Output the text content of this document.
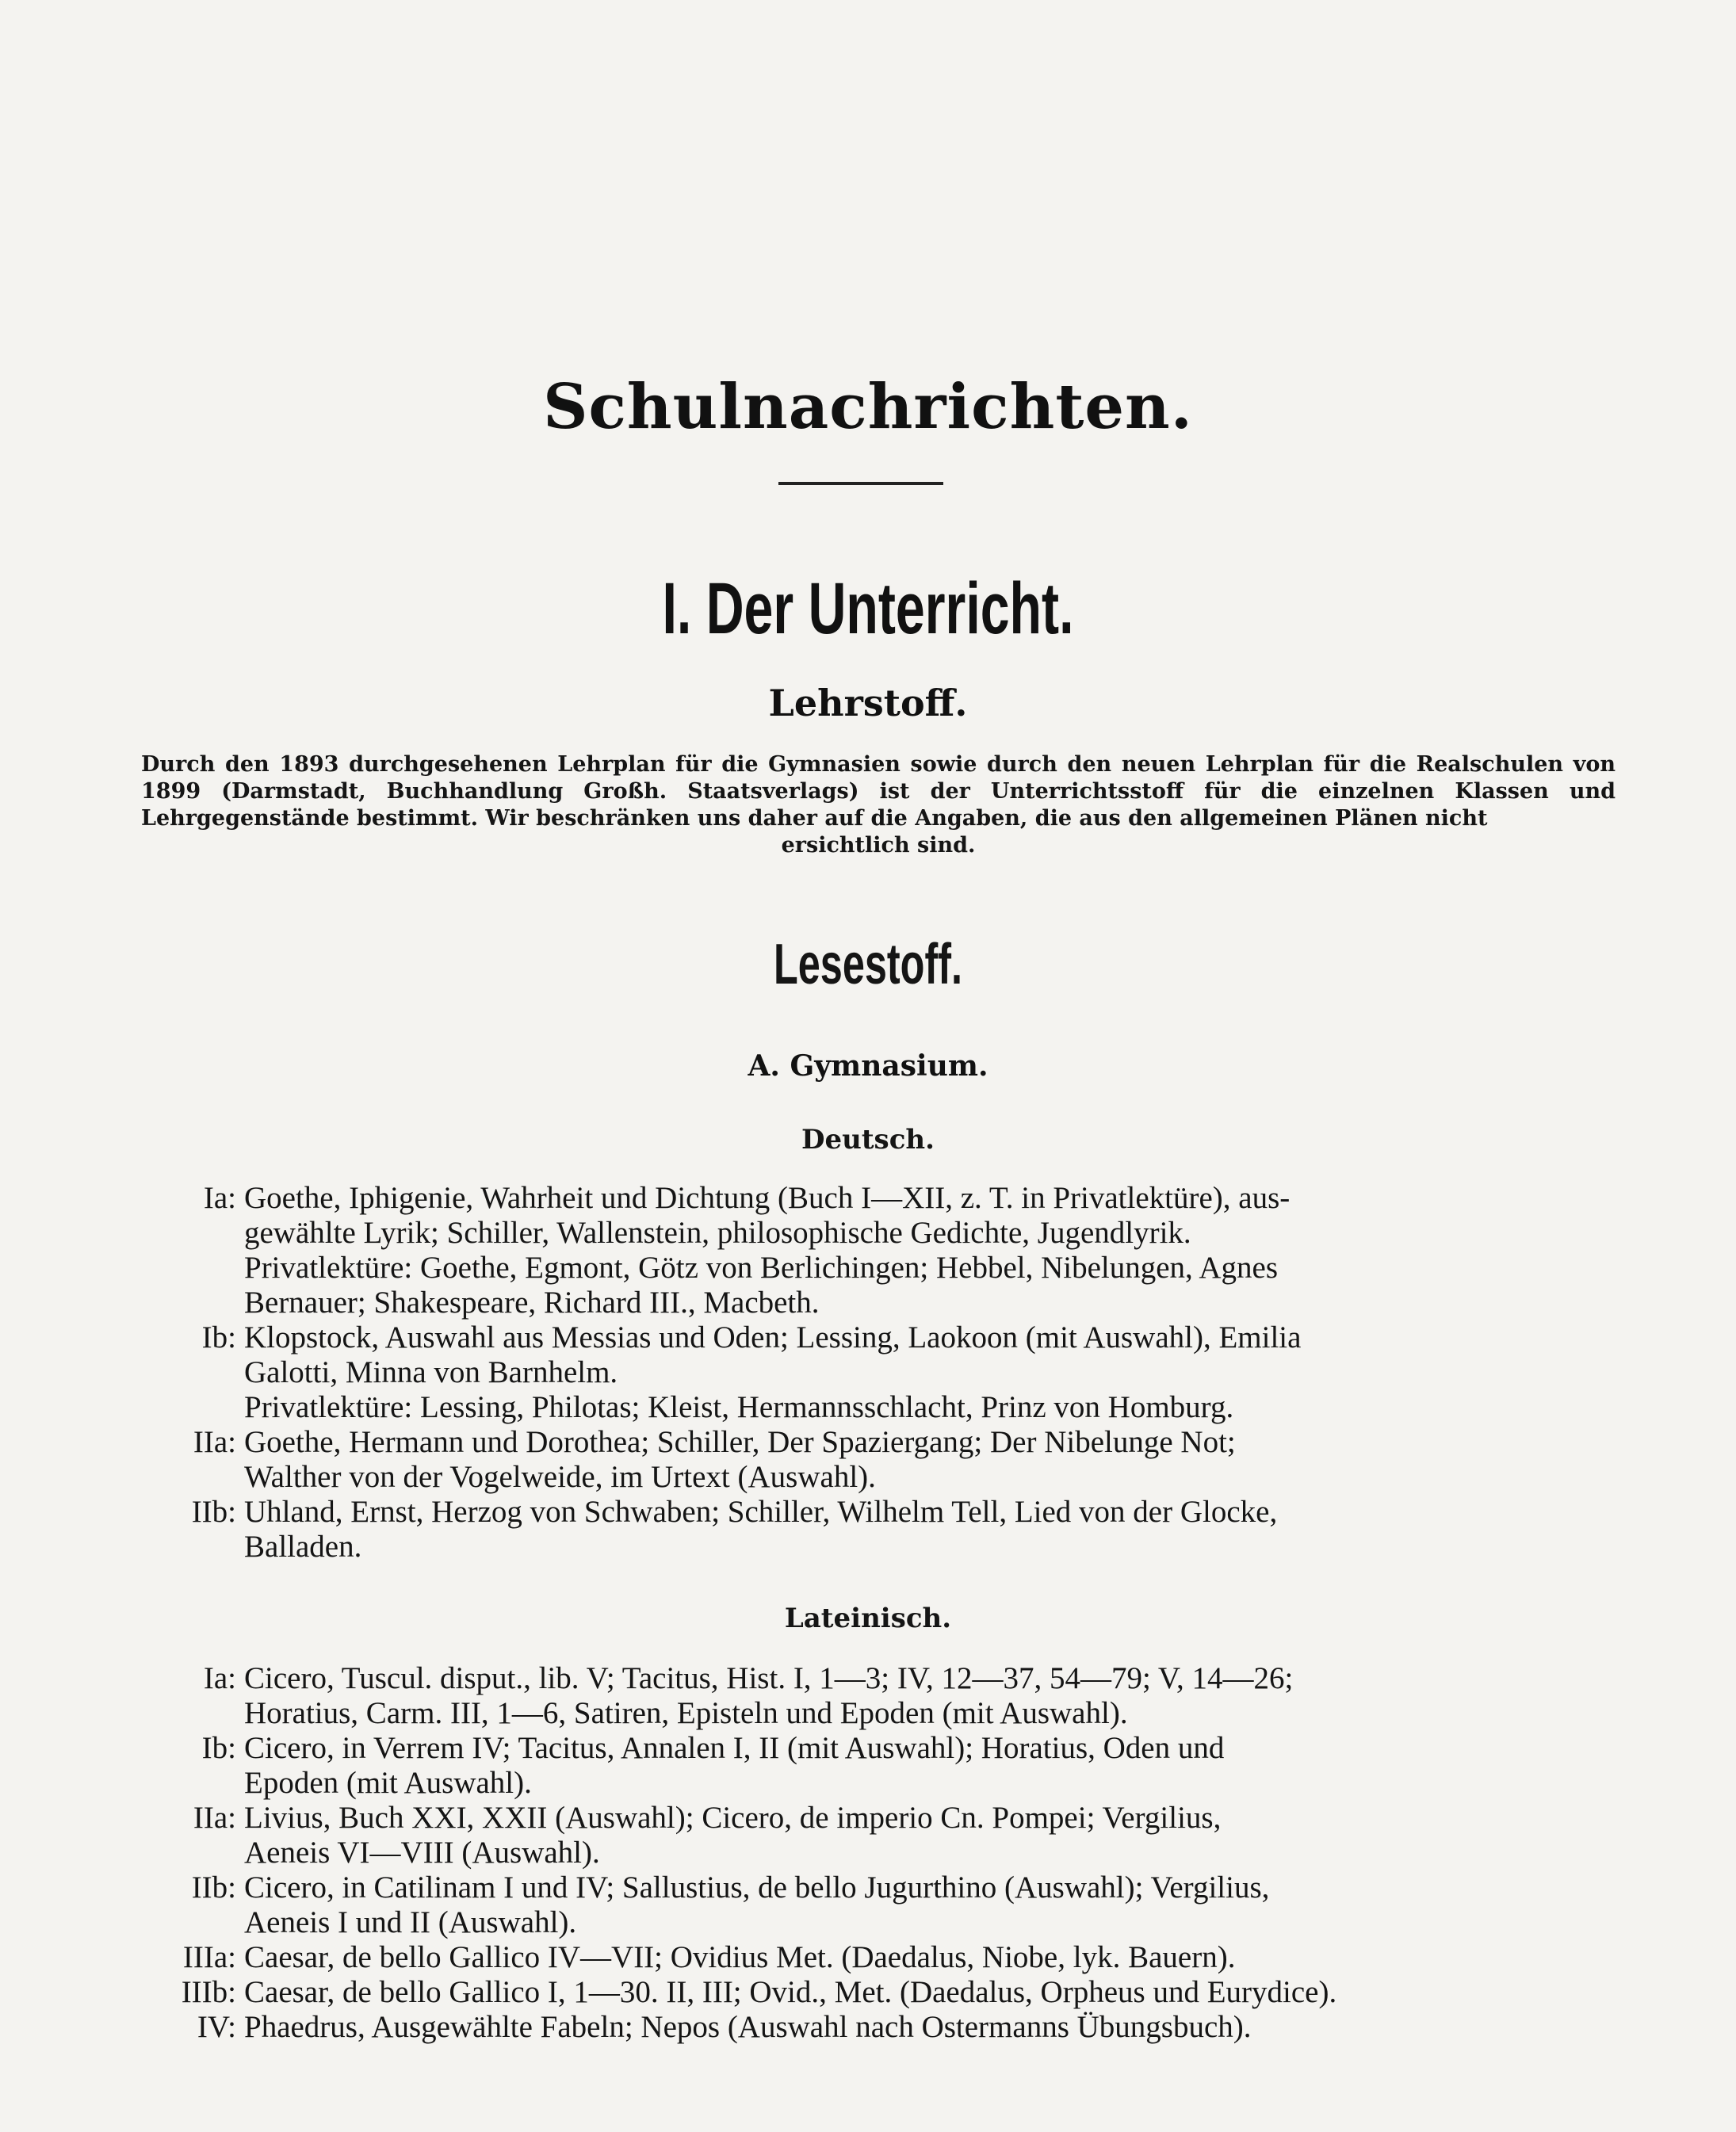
Schulnachrichten.
I. Der Unterricht.
Lehrstoff.
Durch den 1893 durchgesehenen Lehrplan für die Gymnasien sowie durch den neuen Lehrplan für die Realschulen von 1899 (Darmstadt, Buchhandlung Großh. Staatsverlags) ist der Unterrichtsstoff für die einzelnen Klassen und Lehrgegenstände bestimmt. Wir beschränken uns daher auf die Angaben, die aus den allgemeinen Plänen nicht
ersichtlich sind.
Lesestoff.
A. Gymnasium.
Deutsch.
Ia: Goethe, Iphigenie, Wahrheit und Dichtung (Buch I—XII, z. T. in Privatlektüre), aus-
gewählte Lyrik; Schiller, Wallenstein, philosophische Gedichte, Jugendlyrik.
Privatlektüre: Goethe, Egmont, Götz von Berlichingen; Hebbel, Nibelungen, Agnes
Bernauer; Shakespeare, Richard III., Macbeth.
Ib: Klopstock, Auswahl aus Messias und Oden; Lessing, Laokoon (mit Auswahl), Emilia
Galotti, Minna von Barnhelm.
Privatlektüre: Lessing, Philotas; Kleist, Hermannsschlacht, Prinz von Homburg.
IIa: Goethe, Hermann und Dorothea; Schiller, Der Spaziergang; Der Nibelunge Not;
Walther von der Vogelweide, im Urtext (Auswahl).
IIb: Uhland, Ernst, Herzog von Schwaben; Schiller, Wilhelm Tell, Lied von der Glocke,
Balladen.
Lateinisch.
Ia: Cicero, Tuscul. disput., lib. V; Tacitus, Hist. I, 1—3; IV, 12—37, 54—79; V, 14—26;
Horatius, Carm. III, 1—6, Satiren, Episteln und Epoden (mit Auswahl).
Ib: Cicero, in Verrem IV; Tacitus, Annalen I, II (mit Auswahl); Horatius, Oden und
Epoden (mit Auswahl).
IIa: Livius, Buch XXI, XXII (Auswahl); Cicero, de imperio Cn. Pompei; Vergilius,
Aeneis VI—VIII (Auswahl).
IIb: Cicero, in Catilinam I und IV; Sallustius, de bello Jugurthino (Auswahl); Vergilius,
Aeneis I und II (Auswahl).
IIIa: Caesar, de bello Gallico IV—VII; Ovidius Met. (Daedalus, Niobe, lyk. Bauern).
IIIb: Caesar, de bello Gallico I, 1—30. II, III; Ovid., Met. (Daedalus, Orpheus und Eurydice).
IV: Phaedrus, Ausgewählte Fabeln; Nepos (Auswahl nach Ostermanns Übungsbuch).
